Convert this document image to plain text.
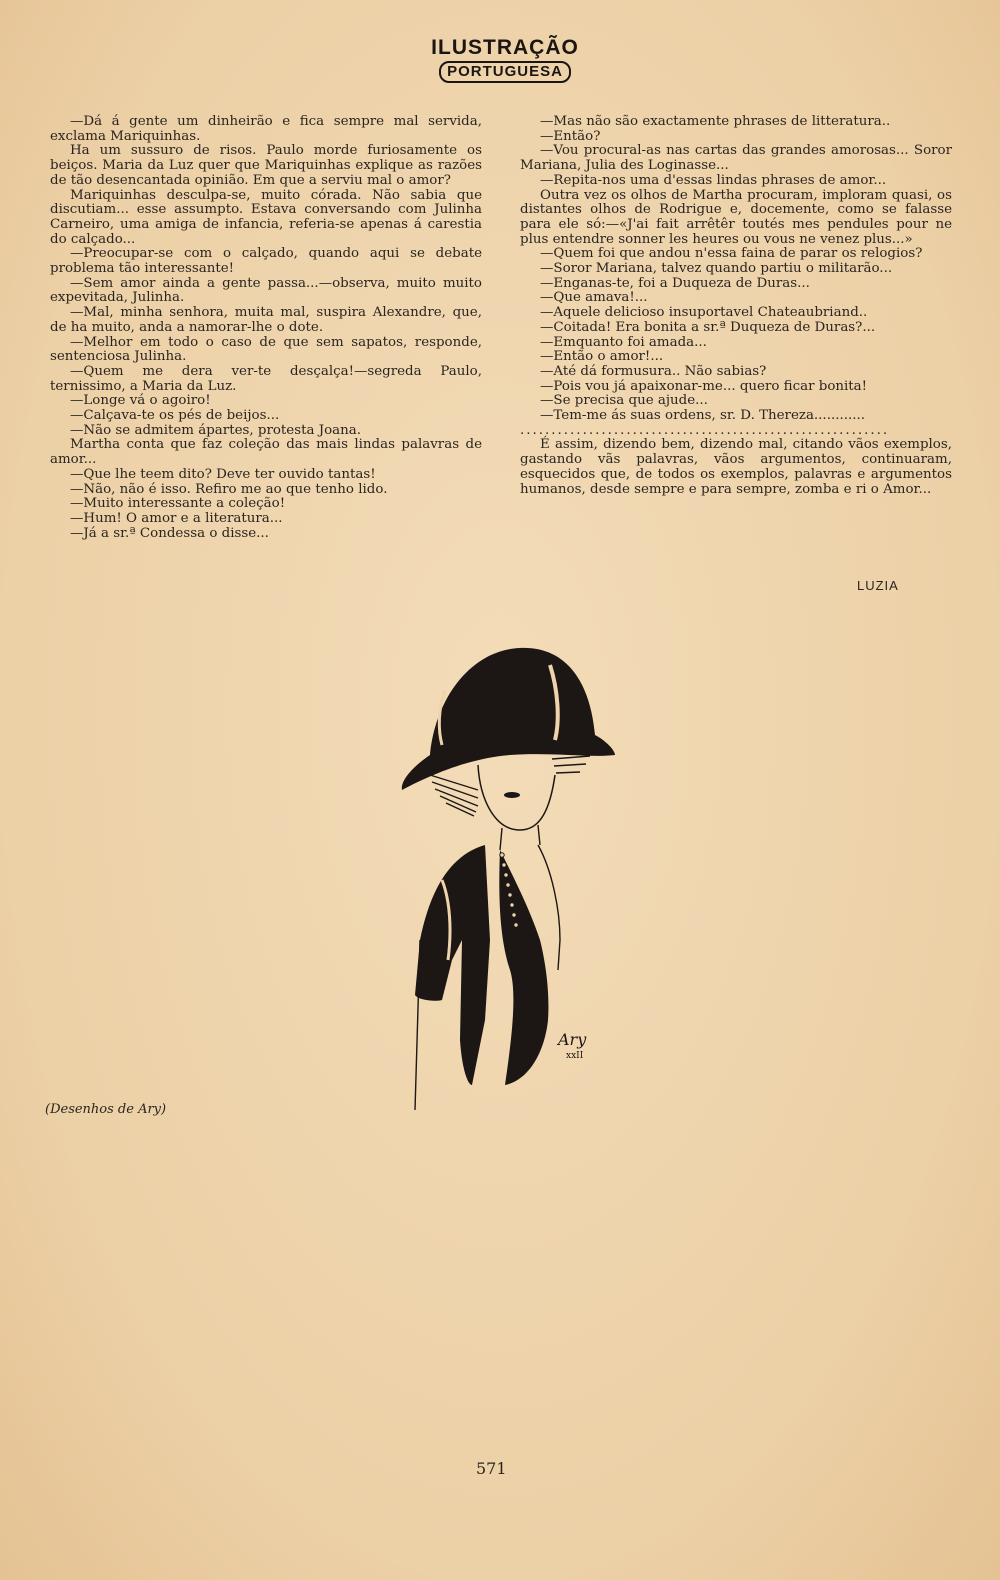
ILUSTRAÇÃO
PORTUGUESA

—Dá á gente um dinheirão e fica sempre mal servida, exclama Mariquinhas.

Ha um sussuro de risos. Paulo morde furiosamente os beiços. Maria da Luz quer que Mariquinhas explique as razões de tão desencantada opinião. Em que a serviu mal o amor?

Mariquinhas desculpa-se, muito córada. Não sabia que discutiam... esse assumpto. Estava conversando com Julinha Carneiro, uma amiga de infancia, referia-se apenas á carestia do calçado...

—Preocupar-se com o calçado, quando aqui se debate problema tão interessante!

—Sem amor ainda a gente passa...—observa, muito muito expevitada, Julinha.

—Mal, minha senhora, muita mal, suspira Alexandre, que, de ha muito, anda a namorar-lhe o dote.

—Melhor em todo o caso de que sem sapatos, responde, sentenciosa Julinha.

—Quem me dera ver-te desçalça!—segreda Paulo, ternissimo, a Maria da Luz.

—Longe vá o agoiro!

—Calçava-te os pés de beijos...

—Não se admitem ápartes, protesta Joana.

Martha conta que faz coleção das mais lindas palavras de amor...

—Que lhe teem dito? Deve ter ouvido tantas!

—Não, não é isso. Refiro me ao que tenho lido.

—Muito interessante a coleção!

—Hum! O amor e a literatura...

—Já a sr.ª Condessa o disse...

—Mas não são exactamente phrases de litteratura..

—Então?

—Vou procural-as nas cartas das grandes amorosas... Soror Mariana, Julia des Loginasse...

—Repita-nos uma d'essas lindas phrases de amor...

Outra vez os olhos de Martha procuram, imploram quasi, os distantes olhos de Rodrigue e, docemente, como se falasse para ele só:—«J'ai fait arrêtêr toutés mes pendules pour ne plus entendre sonner les heures ou vous ne venez plus...»

—Quem foi que andou n'essa faina de parar os relogios?

—Soror Mariana, talvez quando partiu o militarão...

—Enganas-te, foi a Duqueza de Duras...

—Que amava!...

—Aquele delicioso insuportavel Chateaubriand..

—Coitada! Era bonita a sr.ª Duqueza de Duras?...

—Emquanto foi amada...

—Então o amor!...

—Até dá formusura.. Não sabias?

—Pois vou já apaixonar-me... quero ficar bonita!

—Se precisa que ajude...

—Tem-me ás suas ordens, sr. D. Thereza............

...........................................................

É assim, dizendo bem, dizendo mal, citando vãos exemplos, gastando vãs palavras, vãos argumentos, continuaram, esquecidos que, de todos os exemplos, palavras e argumentos humanos, desde sempre e para sempre, zomba e ri o Amor...

LUZIA
Ary
xxII
(Desenhos de Ary)
571
